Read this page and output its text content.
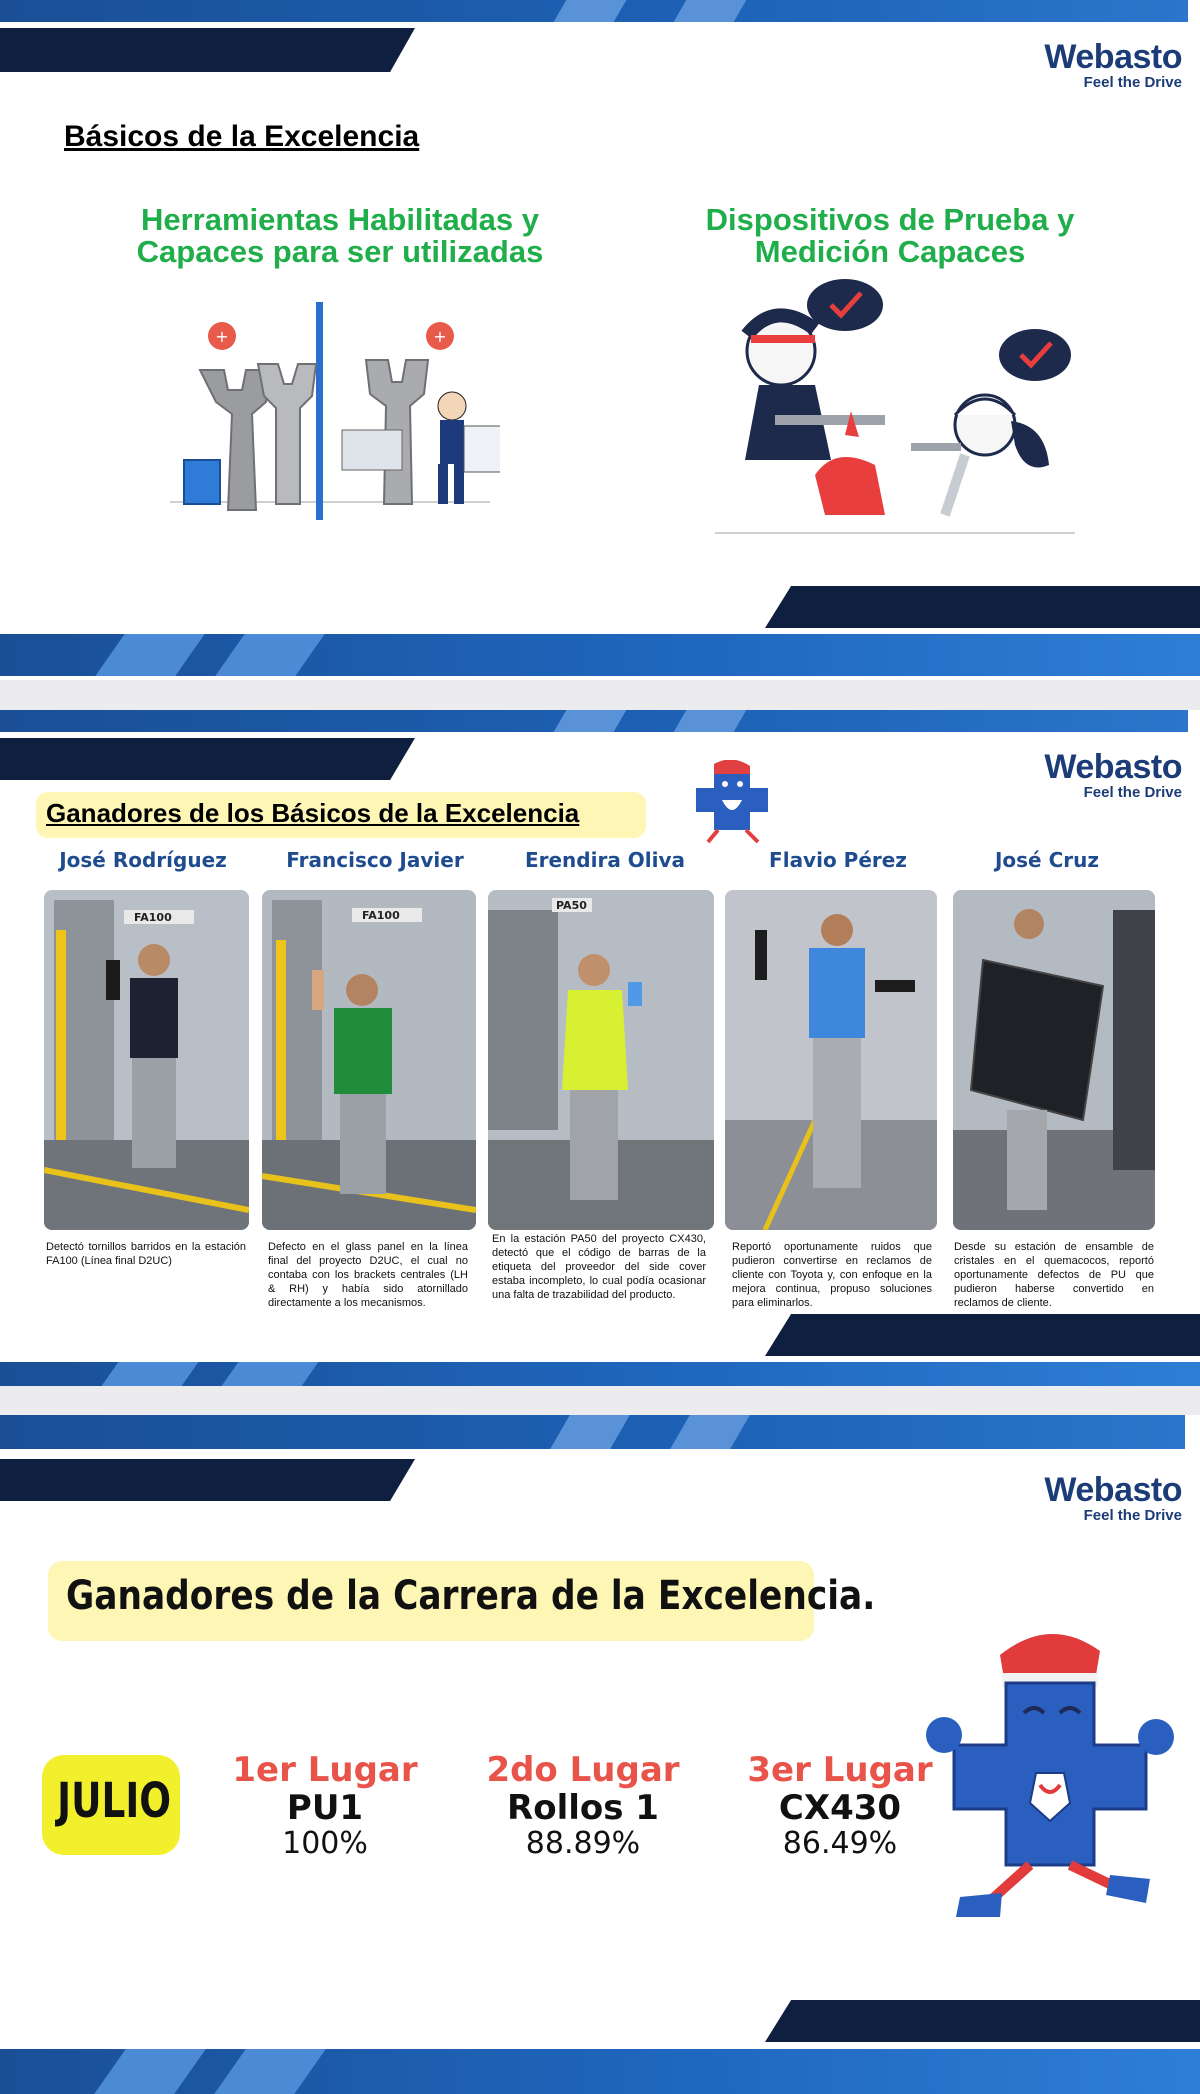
Webasto
Feel the Drive
Básicos de la Excelencia
Herramientas Habilitadas y Capaces para ser utilizadas
Dispositivos de Prueba y Medición Capaces
+	+
Webasto
Feel the Drive
Ganadores de los Básicos de la Excelencia
José Rodríguez	Francisco Javier	Erendira Oliva	Flavio Pérez	José Cruz
FA100	FA100
PA50
Detectó tornillos barridos en la estación FA100 (Línea final D2UC)
Defecto en el glass panel en la línea final del proyecto D2UC, el cual no contaba con los brackets centrales (LH & RH) y había sido atornillado directamente a los mecanismos.
En la estación PA50 del proyecto CX430, detectó que el código de barras de la etiqueta del proveedor del side cover estaba incompleto, lo cual podía ocasionar una falta de trazabilidad del producto.
Reportó oportunamente ruidos que pudieron convertirse en reclamos de cliente con Toyota y, con enfoque en la mejora continua, propuso soluciones para eliminarlos.
Desde su estación de ensamble de cristales en el quemacocos, reportó oportunamente defectos de PU que pudieron haberse convertido en reclamos de cliente.
Webasto
Feel the Drive
Ganadores de la Carrera de la Excelencia.
JULIO
1er Lugar
PU1
100%
2do Lugar
Rollos 1
88.89%
3er Lugar
CX430
86.49%
